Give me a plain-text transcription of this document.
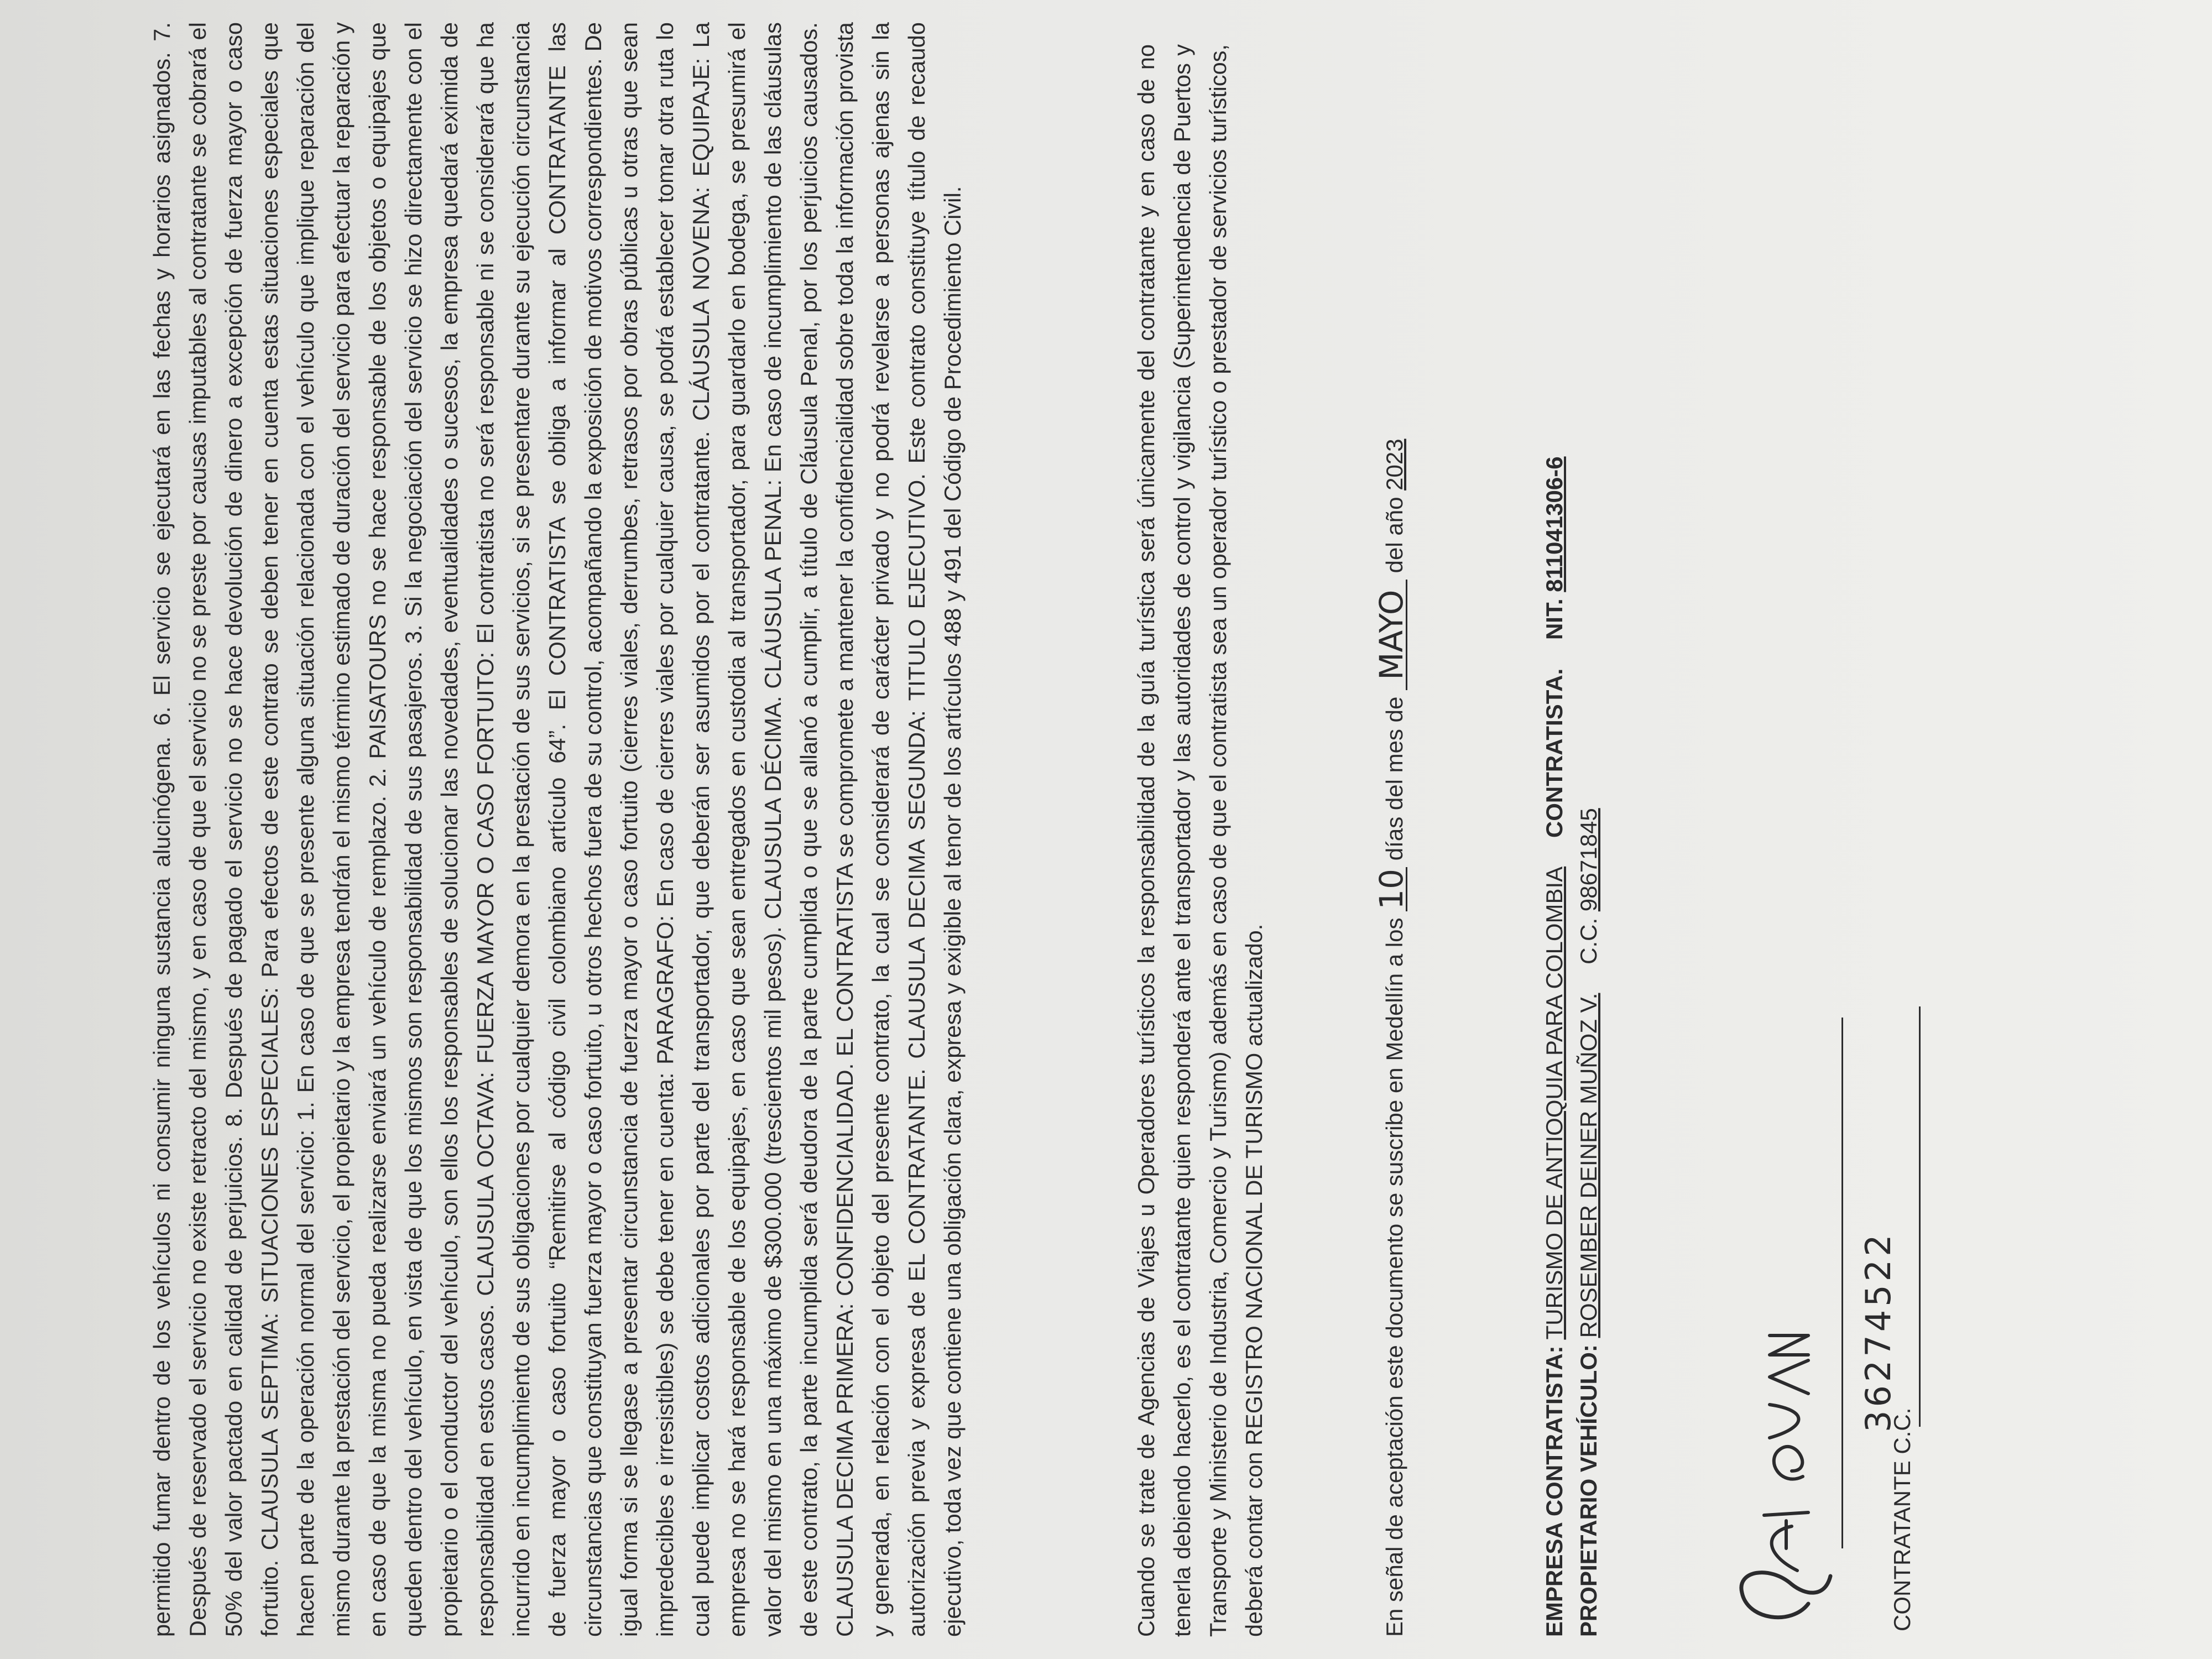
permitido fumar dentro de los vehículos ni consumir ninguna sustancia alucinógena. 6. El servicio se ejecutará en las fechas y horarios asignados. 7. Después de reservado el servicio no existe retracto del mismo, y en caso de que el servicio no se preste por causas imputables al contratante se cobrará el 50% del valor pactado en calidad de perjuicios. 8. Después de pagado el servicio no se hace devolución de dinero a excepción de fuerza mayor o caso fortuito. CLAUSULA SEPTIMA: SITUACIONES ESPECIALES: Para efectos de este contrato se deben tener en cuenta estas situaciones especiales que hacen parte de la operación normal del servicio: 1. En caso de que se presente alguna situación relacionada con el vehículo que implique reparación del mismo durante la prestación del servicio, el propietario y la empresa tendrán el mismo término estimado de duración del servicio para efectuar la reparación y en caso de que la misma no pueda realizarse enviará un vehículo de remplazo. 2. PAISATOURS no se hace responsable de los objetos o equipajes que queden dentro del vehículo, en vista de que los mismos son responsabilidad de sus pasajeros. 3. Si la negociación del servicio se hizo directamente con el propietario o el conductor del vehículo, son ellos los responsables de solucionar las novedades, eventualidades o sucesos, la empresa quedará eximida de responsabilidad en estos casos. CLAUSULA OCTAVA: FUERZA MAYOR O CASO FORTUITO: El contratista no será responsable ni se considerará que ha incurrido en incumplimiento de sus obligaciones por cualquier demora en la prestación de sus servicios, si se presentare durante su ejecución circunstancia de fuerza mayor o caso fortuito “Remitirse al código civil colombiano artículo 64”. El CONTRATISTA se obliga a informar al CONTRATANTE las circunstancias que constituyan fuerza mayor o caso fortuito, u otros hechos fuera de su control, acompañando la exposición de motivos correspondientes. De igual forma si se llegase a presentar circunstancia de fuerza mayor o caso fortuito (cierres viales, derrumbes, retrasos por obras públicas u otras que sean impredecibles e irresistibles) se debe tener en cuenta: PARAGRAFO: En caso de cierres viales por cualquier causa, se podrá establecer tomar otra ruta lo cual puede implicar costos adicionales por parte del transportador, que deberán ser asumidos por el contratante. CLÁUSULA NOVENA: EQUIPAJE: La empresa no se hará responsable de los equipajes, en caso que sean entregados en custodia al transportador, para guardarlo en bodega, se presumirá el valor del mismo en una máximo de $300.000 (trescientos mil pesos). CLAUSULA DÉCIMA. CLÁUSULA PENAL: En caso de incumplimiento de las cláusulas de este contrato, la parte incumplida será deudora de la parte cumplida o que se allanó a cumplir, a título de Cláusula Penal, por los perjuicios causados. CLAUSULA DECIMA PRIMERA: CONFIDENCIALIDAD. EL CONTRATISTA se compromete a mantener la confidencialidad sobre toda la información provista y generada, en relación con el objeto del presente contrato, la cual se considerará de carácter privado y no podrá revelarse a personas ajenas sin la autorización previa y expresa de EL CONTRATANTE. CLAUSULA DECIMA SEGUNDA: TITULO EJECUTIVO. Este contrato constituye título de recaudo ejecutivo, toda vez que contiene una obligación clara, expresa y exigible al tenor de los artículos 488 y 491 del Código de Procedimiento Civil.	Cuando se trate de Agencias de Viajes u Operadores turísticos la responsabilidad de la guía turística será únicamente del contratante y en caso de no tenerla debiendo hacerlo, es el contratante quien responderá ante el transportador y las autoridades de control y vigilancia (Superintendencia de Puertos y Transporte y Ministerio de Industria, Comercio y Turismo) además en caso de que el contratista sea un operador turístico o prestador de servicios turísticos, deberá contar con REGISTRO NACIONAL DE TURISMO actualizado.	En señal de aceptación este documento se suscribe en Medellín a los 10 días del mes de MAYO del año 2023
EMPRESA CONTRATISTA: TURISMO DE ANTIOQUIA PARA COLOMBIA CONTRATISTA. NIT. 811041306-6
PROPIETARIO VEHÍCULO: ROSEMBER DEINER MUÑOZ V. C.C. 98671845
36274522
CONTRATANTE C.C.
